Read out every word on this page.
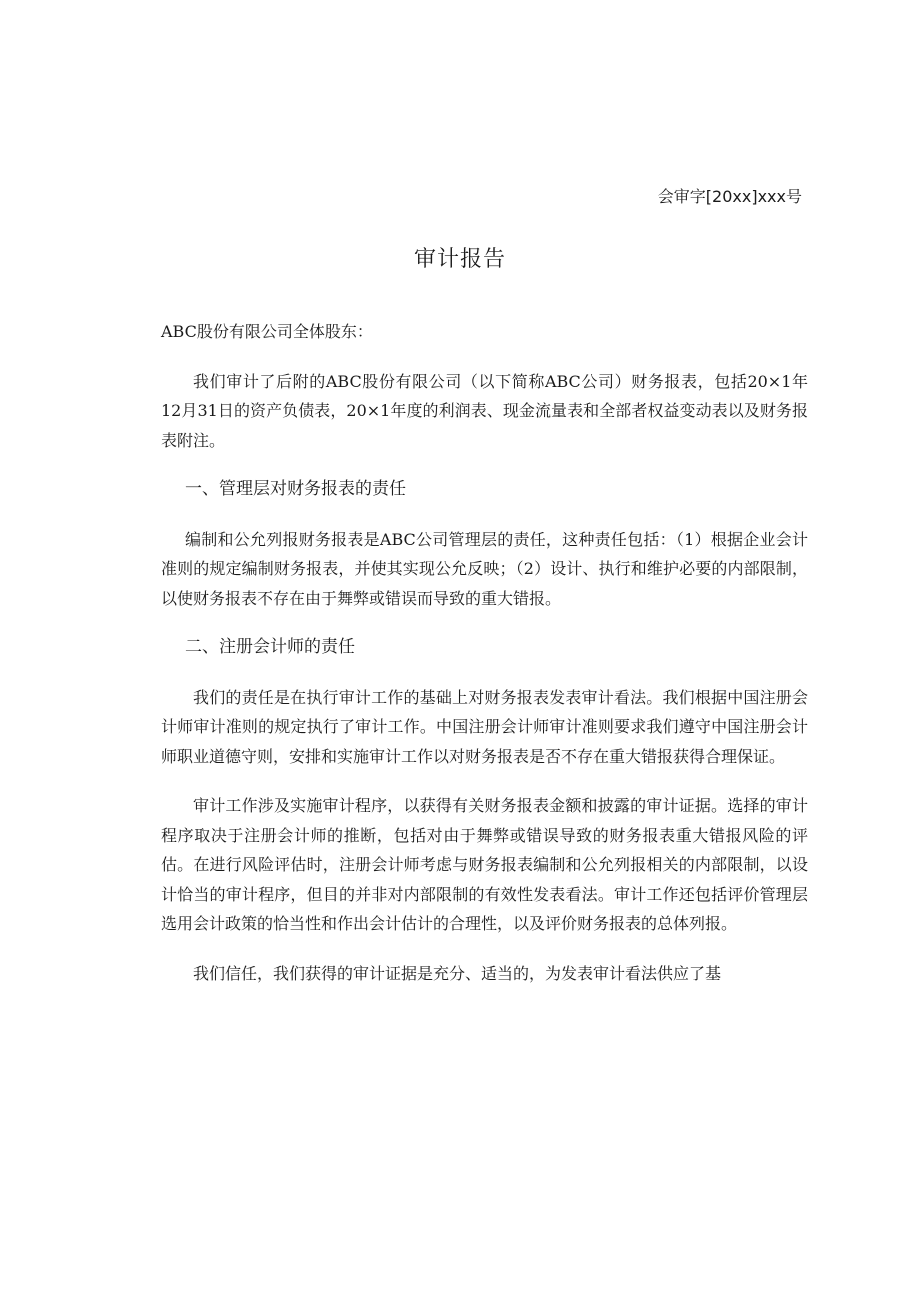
会审字[20xx]xxx号
审计报告

ABC股份有限公司全体股东：

我们审计了后附的ABC股份有限公司（以下简称ABC公司）财务报表，包括20×1年12月31日的资产负债表，20×1年度的利润表、现金流量表和全部者权益变动表以及财务报表附注。

一、管理层对财务报表的责任

编制和公允列报财务报表是ABC公司管理层的责任，这种责任包括：（1）根据企业会计准则的规定编制财务报表，并使其实现公允反映；（2）设计、执行和维护必要的内部限制，以使财务报表不存在由于舞弊或错误而导致的重大错报。

二、注册会计师的责任

我们的责任是在执行审计工作的基础上对财务报表发表审计看法。我们根据中国注册会计师审计准则的规定执行了审计工作。中国注册会计师审计准则要求我们遵守中国注册会计师职业道德守则，安排和实施审计工作以对财务报表是否不存在重大错报获得合理保证。

审计工作涉及实施审计程序，以获得有关财务报表金额和披露的审计证据。选择的审计程序取决于注册会计师的推断，包括对由于舞弊或错误导致的财务报表重大错报风险的评估。在进行风险评估时，注册会计师考虑与财务报表编制和公允列报相关的内部限制，以设计恰当的审计程序，但目的并非对内部限制的有效性发表看法。审计工作还包括评价管理层选用会计政策的恰当性和作出会计估计的合理性，以及评价财务报表的总体列报。

我们信任，我们获得的审计证据是充分、适当的，为发表审计看法供应了基
